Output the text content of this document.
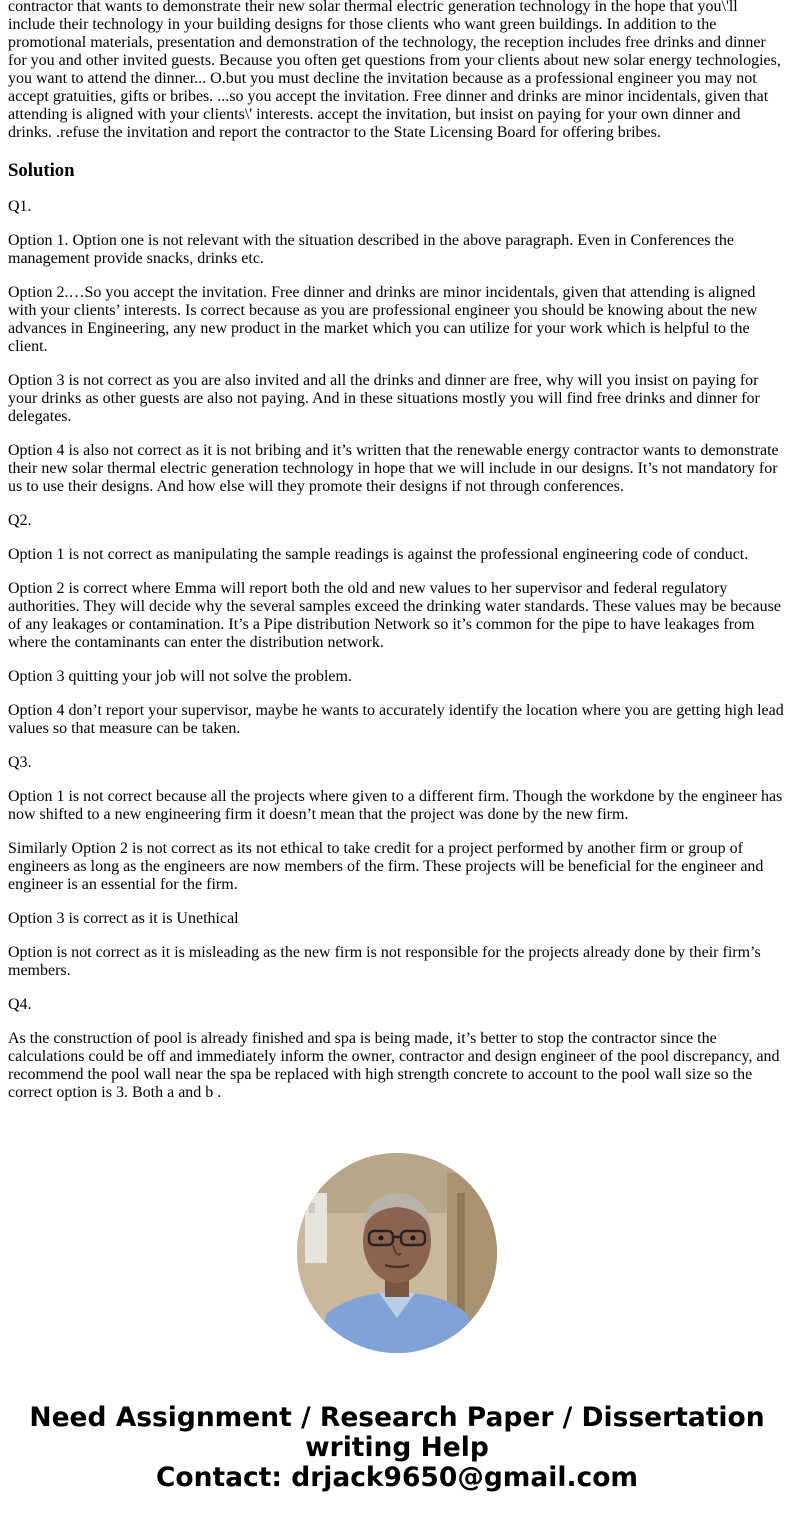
contractor that wants to demonstrate their new solar thermal electric generation technology in the hope that you\'ll include their technology in your building designs for those clients who want green buildings. In addition to the promotional materials, presentation and demonstration of the technology, the reception includes free drinks and dinner for you and other invited guests. Because you often get questions from your clients about new solar energy technologies, you want to attend the dinner... O.but you must decline the invitation because as a professional engineer you may not accept gratuities, gifts or bribes. ...so you accept the invitation. Free dinner and drinks are minor incidentals, given that attending is aligned with your clients\' interests. accept the invitation, but insist on paying for your own dinner and drinks. .refuse the invitation and report the contractor to the State Licensing Board for offering bribes.

Solution

Q1.

Option 1. Option one is not relevant with the situation described in the above paragraph. Even in Conferences the management provide snacks, drinks etc.

Option 2.…So you accept the invitation. Free dinner and drinks are minor incidentals, given that attending is aligned with your clients’ interests. Is correct because as you are professional engineer you should be knowing about the new advances in Engineering, any new product in the market which you can utilize for your work which is helpful to the client.

Option 3 is not correct as you are also invited and all the drinks and dinner are free, why will you insist on paying for your drinks as other guests are also not paying. And in these situations mostly you will find free drinks and dinner for delegates.

Option 4 is also not correct as it is not bribing and it’s written that the renewable energy contractor wants to demonstrate their new solar thermal electric generation technology in hope that we will include in our designs. It’s not mandatory for us to use their designs. And how else will they promote their designs if not through conferences.

Q2.

Option 1 is not correct as manipulating the sample readings is against the professional engineering code of conduct.

Option 2 is correct where Emma will report both the old and new values to her supervisor and federal regulatory authorities. They will decide why the several samples exceed the drinking water standards. These values may be because of any leakages or contamination. It’s a Pipe distribution Network so it’s common for the pipe to have leakages from where the contaminants can enter the distribution network.

Option 3 quitting your job will not solve the problem.

Option 4 don’t report your supervisor, maybe he wants to accurately identify the location where you are getting high lead values so that measure can be taken.

Q3.

Option 1 is not correct because all the projects where given to a different firm. Though the workdone by the engineer has now shifted to a new engineering firm it doesn’t mean that the project was done by the new firm.

Similarly Option 2 is not correct as its not ethical to take credit for a project performed by another firm or group of engineers as long as the engineers are now members of the firm. These projects will be beneficial for the engineer and engineer is an essential for the firm.

Option 3 is correct as it is Unethical

Option is not correct as it is misleading as the new firm is not responsible for the projects already done by their firm’s members.

Q4.

As the construction of pool is already finished and spa is being made, it’s better to stop the contractor since the calculations could be off and immediately inform the owner, contractor and design engineer of the pool discrepancy, and recommend the pool wall near the spa be replaced with high strength concrete to account to the pool wall size so the correct option is 3. Both a and b .

Need Assignment / Research Paper / Dissertation
writing Help
Contact: drjack9650@gmail.com
